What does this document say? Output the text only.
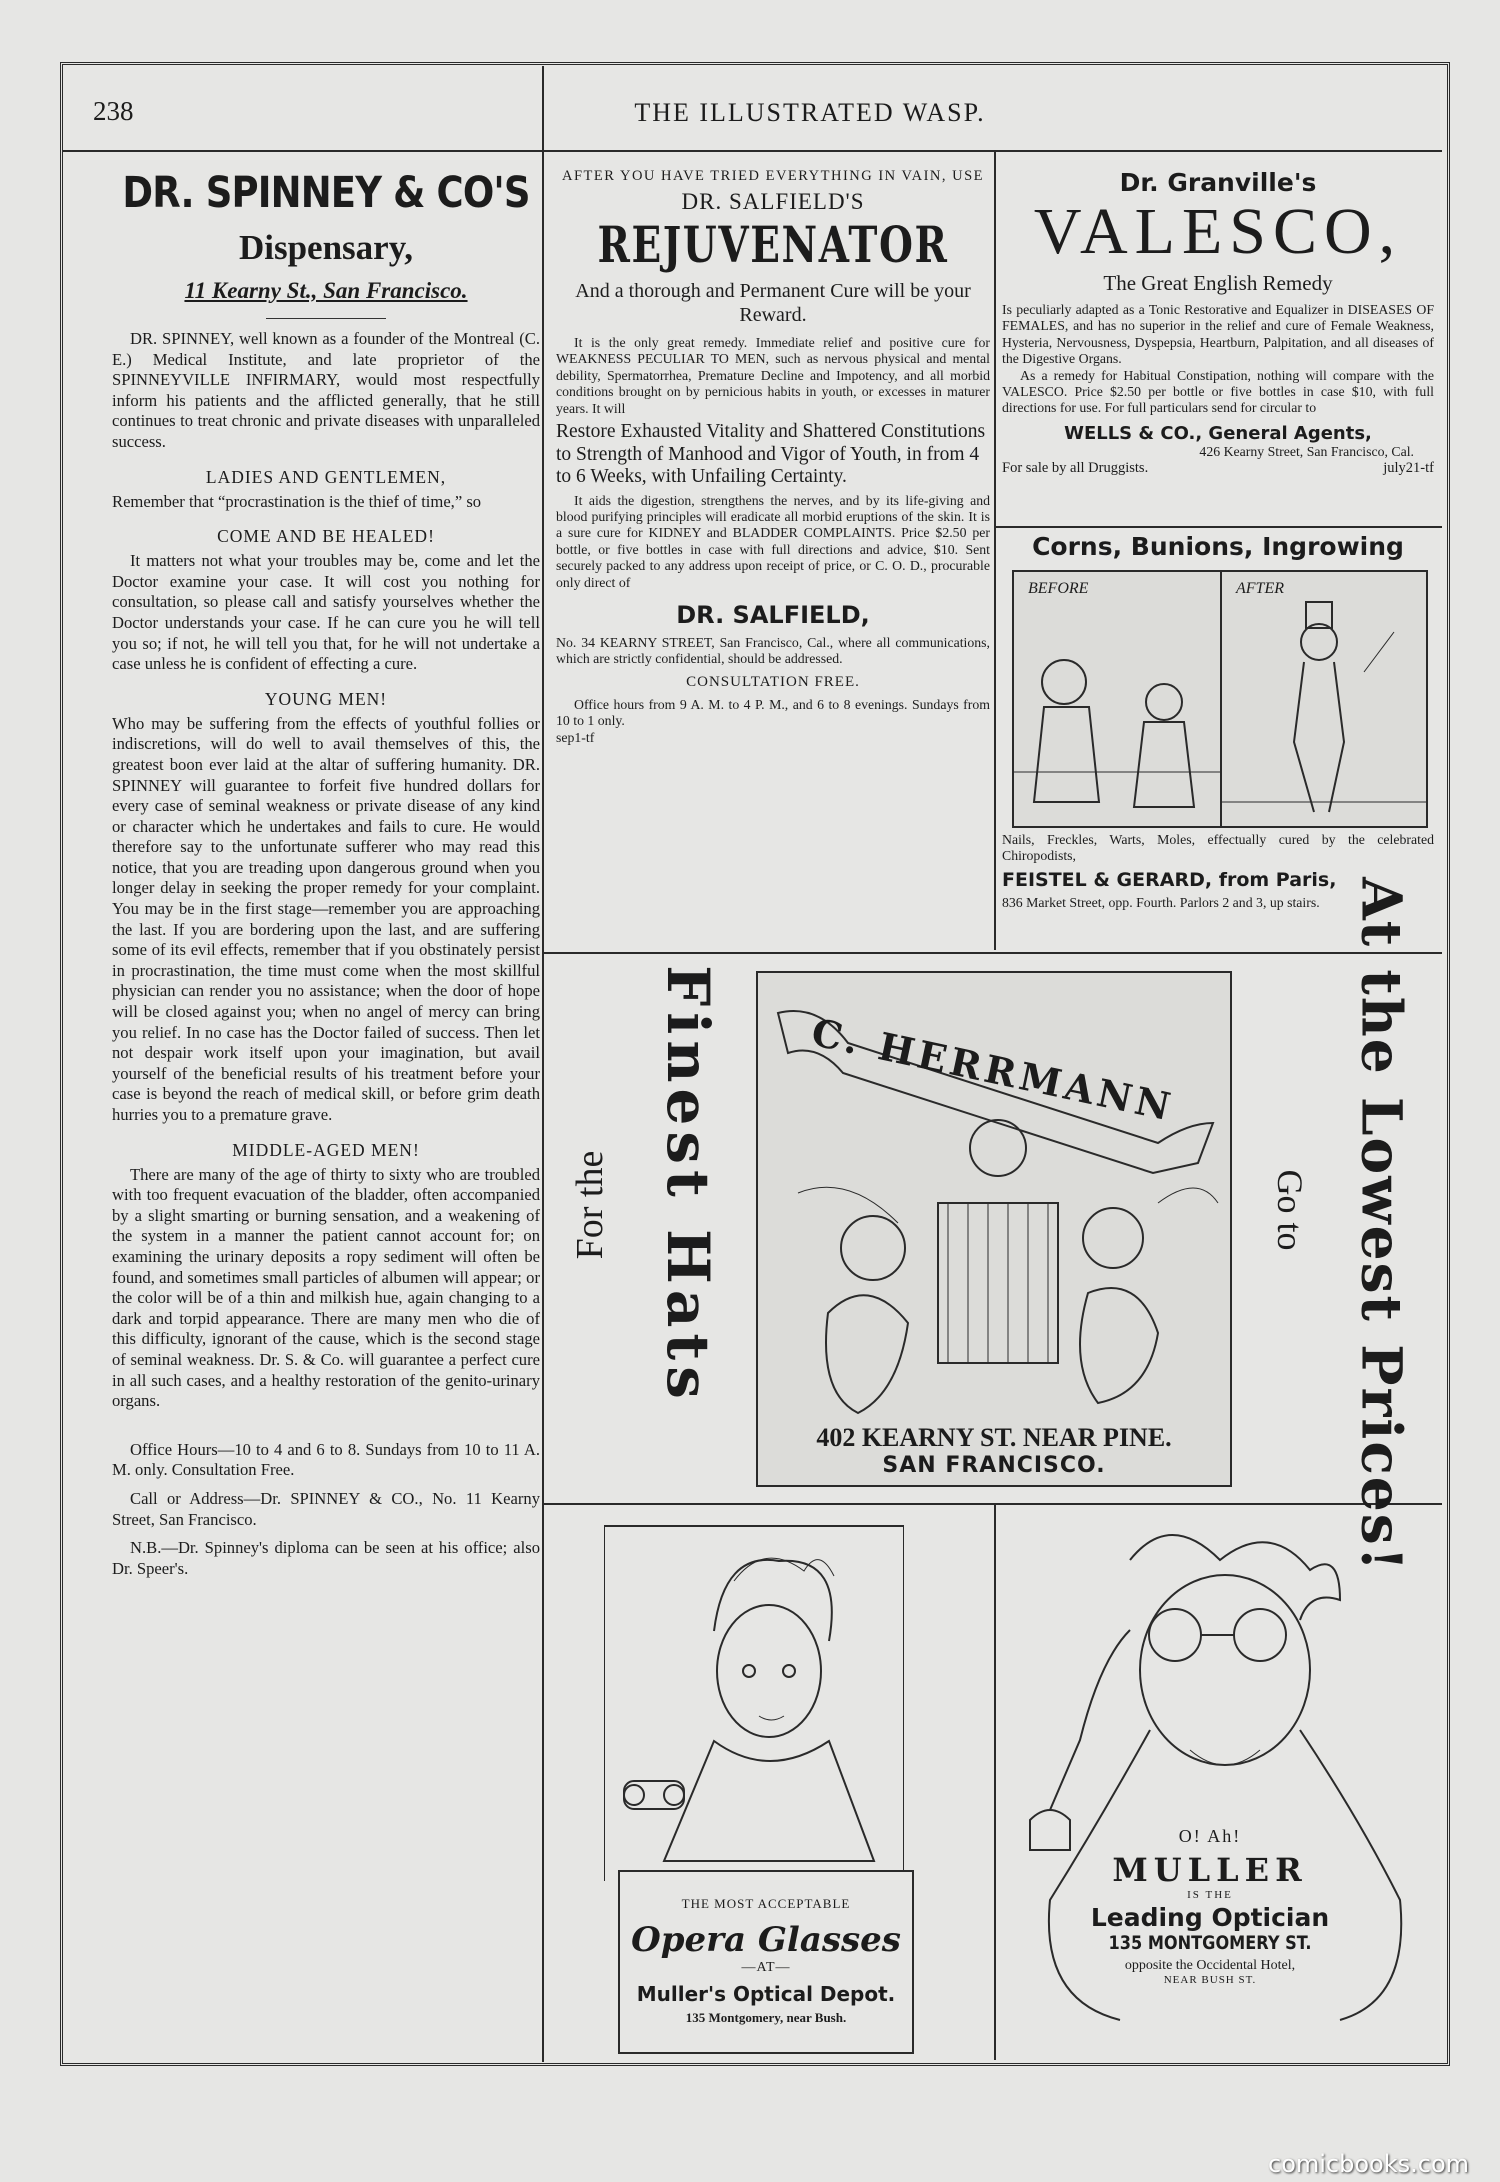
238	THE ILLUSTRATED WASP.
DR. SPINNEY & CO'S
Dispensary,
11 Kearny St., San Francisco.

DR. SPINNEY, well known as a founder of the Montreal (C. E.) Medical Institute, and late proprietor of the SPINNEYVILLE INFIRMARY, would most respectfully inform his patients and the afflicted generally, that he still continues to treat chronic and private diseases with unparalleled success.

LADIES AND GENTLEMEN,

Remember that “procrastination is the thief of time,” so

COME AND BE HEALED!

It matters not what your troubles may be, come and let the Doctor examine your case. It will cost you nothing for consultation, so please call and satisfy yourselves whether the Doctor understands your case. If he can cure you he will tell you so; if not, he will tell you that, for he will not undertake a case unless he is confident of effecting a cure.

YOUNG MEN!

Who may be suffering from the effects of youthful follies or indiscretions, will do well to avail themselves of this, the greatest boon ever laid at the altar of suffering humanity. DR. SPINNEY will guarantee to forfeit five hundred dollars for every case of seminal weakness or private disease of any kind or character which he undertakes and fails to cure. He would therefore say to the unfortunate sufferer who may read this notice, that you are treading upon dangerous ground when you longer delay in seeking the proper remedy for your complaint. You may be in the first stage—remember you are approaching the last. If you are bordering upon the last, and are suffering some of its evil effects, remember that if you obstinately persist in procrastination, the time must come when the most skillful physician can render you no assistance; when the door of hope will be closed against you; when no angel of mercy can bring you relief. In no case has the Doctor failed of success. Then let not despair work itself upon your imagination, but avail yourself of the beneficial results of his treatment before your case is beyond the reach of medical skill, or before grim death hurries you to a premature grave.

MIDDLE-AGED MEN!

There are many of the age of thirty to sixty who are troubled with too frequent evacuation of the bladder, often accompanied by a slight smarting or burning sensation, and a weakening of the system in a manner the patient cannot account for; on examining the urinary deposits a ropy sediment will often be found, and sometimes small particles of albumen will appear; or the color will be of a thin and milkish hue, again changing to a dark and torpid appearance. There are many men who die of this difficulty, ignorant of the cause, which is the second stage of seminal weakness. Dr. S. & Co. will guarantee a perfect cure in all such cases, and a healthy restoration of the genito-urinary organs.

Office Hours—10 to 4 and 6 to 8. Sundays from 10 to 11 A. M. only. Consultation Free.

Call or Address—Dr. SPINNEY & CO., No. 11 Kearny Street, San Francisco.

N.B.—Dr. Spinney's diploma can be seen at his office; also Dr. Speer's.

AFTER YOU HAVE TRIED EVERYTHING IN VAIN, USE
DR. SALFIELD'S
REJUVENATOR
And a thorough and Permanent Cure will be your Reward.

It is the only great remedy. Immediate relief and positive cure for WEAKNESS PECULIAR TO MEN, such as nervous physical and mental debility, Spermatorrhea, Premature Decline and Impotency, and all morbid conditions brought on by pernicious habits in youth, or excesses in maturer years. It will

Restore Exhausted Vitality and Shattered Constitutions to Strength of Manhood and Vigor of Youth, in from 4 to 6 Weeks, with Unfailing Certainty.

It aids the digestion, strengthens the nerves, and by its life-giving and blood purifying principles will eradicate all morbid eruptions of the skin. It is a sure cure for KIDNEY and BLADDER COMPLAINTS. Price $2.50 per bottle, or five bottles in case with full directions and advice, $10. Sent securely packed to any address upon receipt of price, or C. O. D., procurable only direct of

DR. SALFIELD,

No. 34 KEARNY STREET, San Francisco, Cal., where all communications, which are strictly confidential, should be addressed.

CONSULTATION FREE.

Office hours from 9 A. M. to 4 P. M., and 6 to 8 evenings. Sundays from 10 to 1 only.

sep1-tf
Dr. Granville's
VALESCO,
The Great English Remedy

Is peculiarly adapted as a Tonic Restorative and Equalizer in DISEASES OF FEMALES, and has no superior in the relief and cure of Female Weakness, Hysteria, Nervousness, Dyspepsia, Heartburn, Palpitation, and all diseases of the Digestive Organs.

As a remedy for Habitual Constipation, nothing will compare with the VALESCO. Price $2.50 per bottle or five bottles in case $10, with full directions for use. For full particulars send for circular to

WELLS & CO., General Agents,
426 Kearny Street, San Francisco, Cal.
For sale by all Druggists.	july21-tf
Corns, Bunions, Ingrowing
BEFORE	AFTER

Nails, Freckles, Warts, Moles, effectually cured by the celebrated Chiropodists,

FEISTEL & GERARD, from Paris,

836 Market Street, opp. Fourth. Parlors 2 and 3, up stairs.

For the Finest Hats	Go to At the Lowest Prices!
C. HERRMANN
402 KEARNY ST. NEAR PINE.
SAN FRANCISCO.
THE MOST ACCEPTABLE
Opera Glasses
—AT—
Muller's Optical Depot.
135 Montgomery, near Bush.
O! Ah!
MULLER
IS THE
Leading Optician
135 MONTGOMERY ST.
opposite the Occidental Hotel,
NEAR BUSH ST.
comicbooks.com
